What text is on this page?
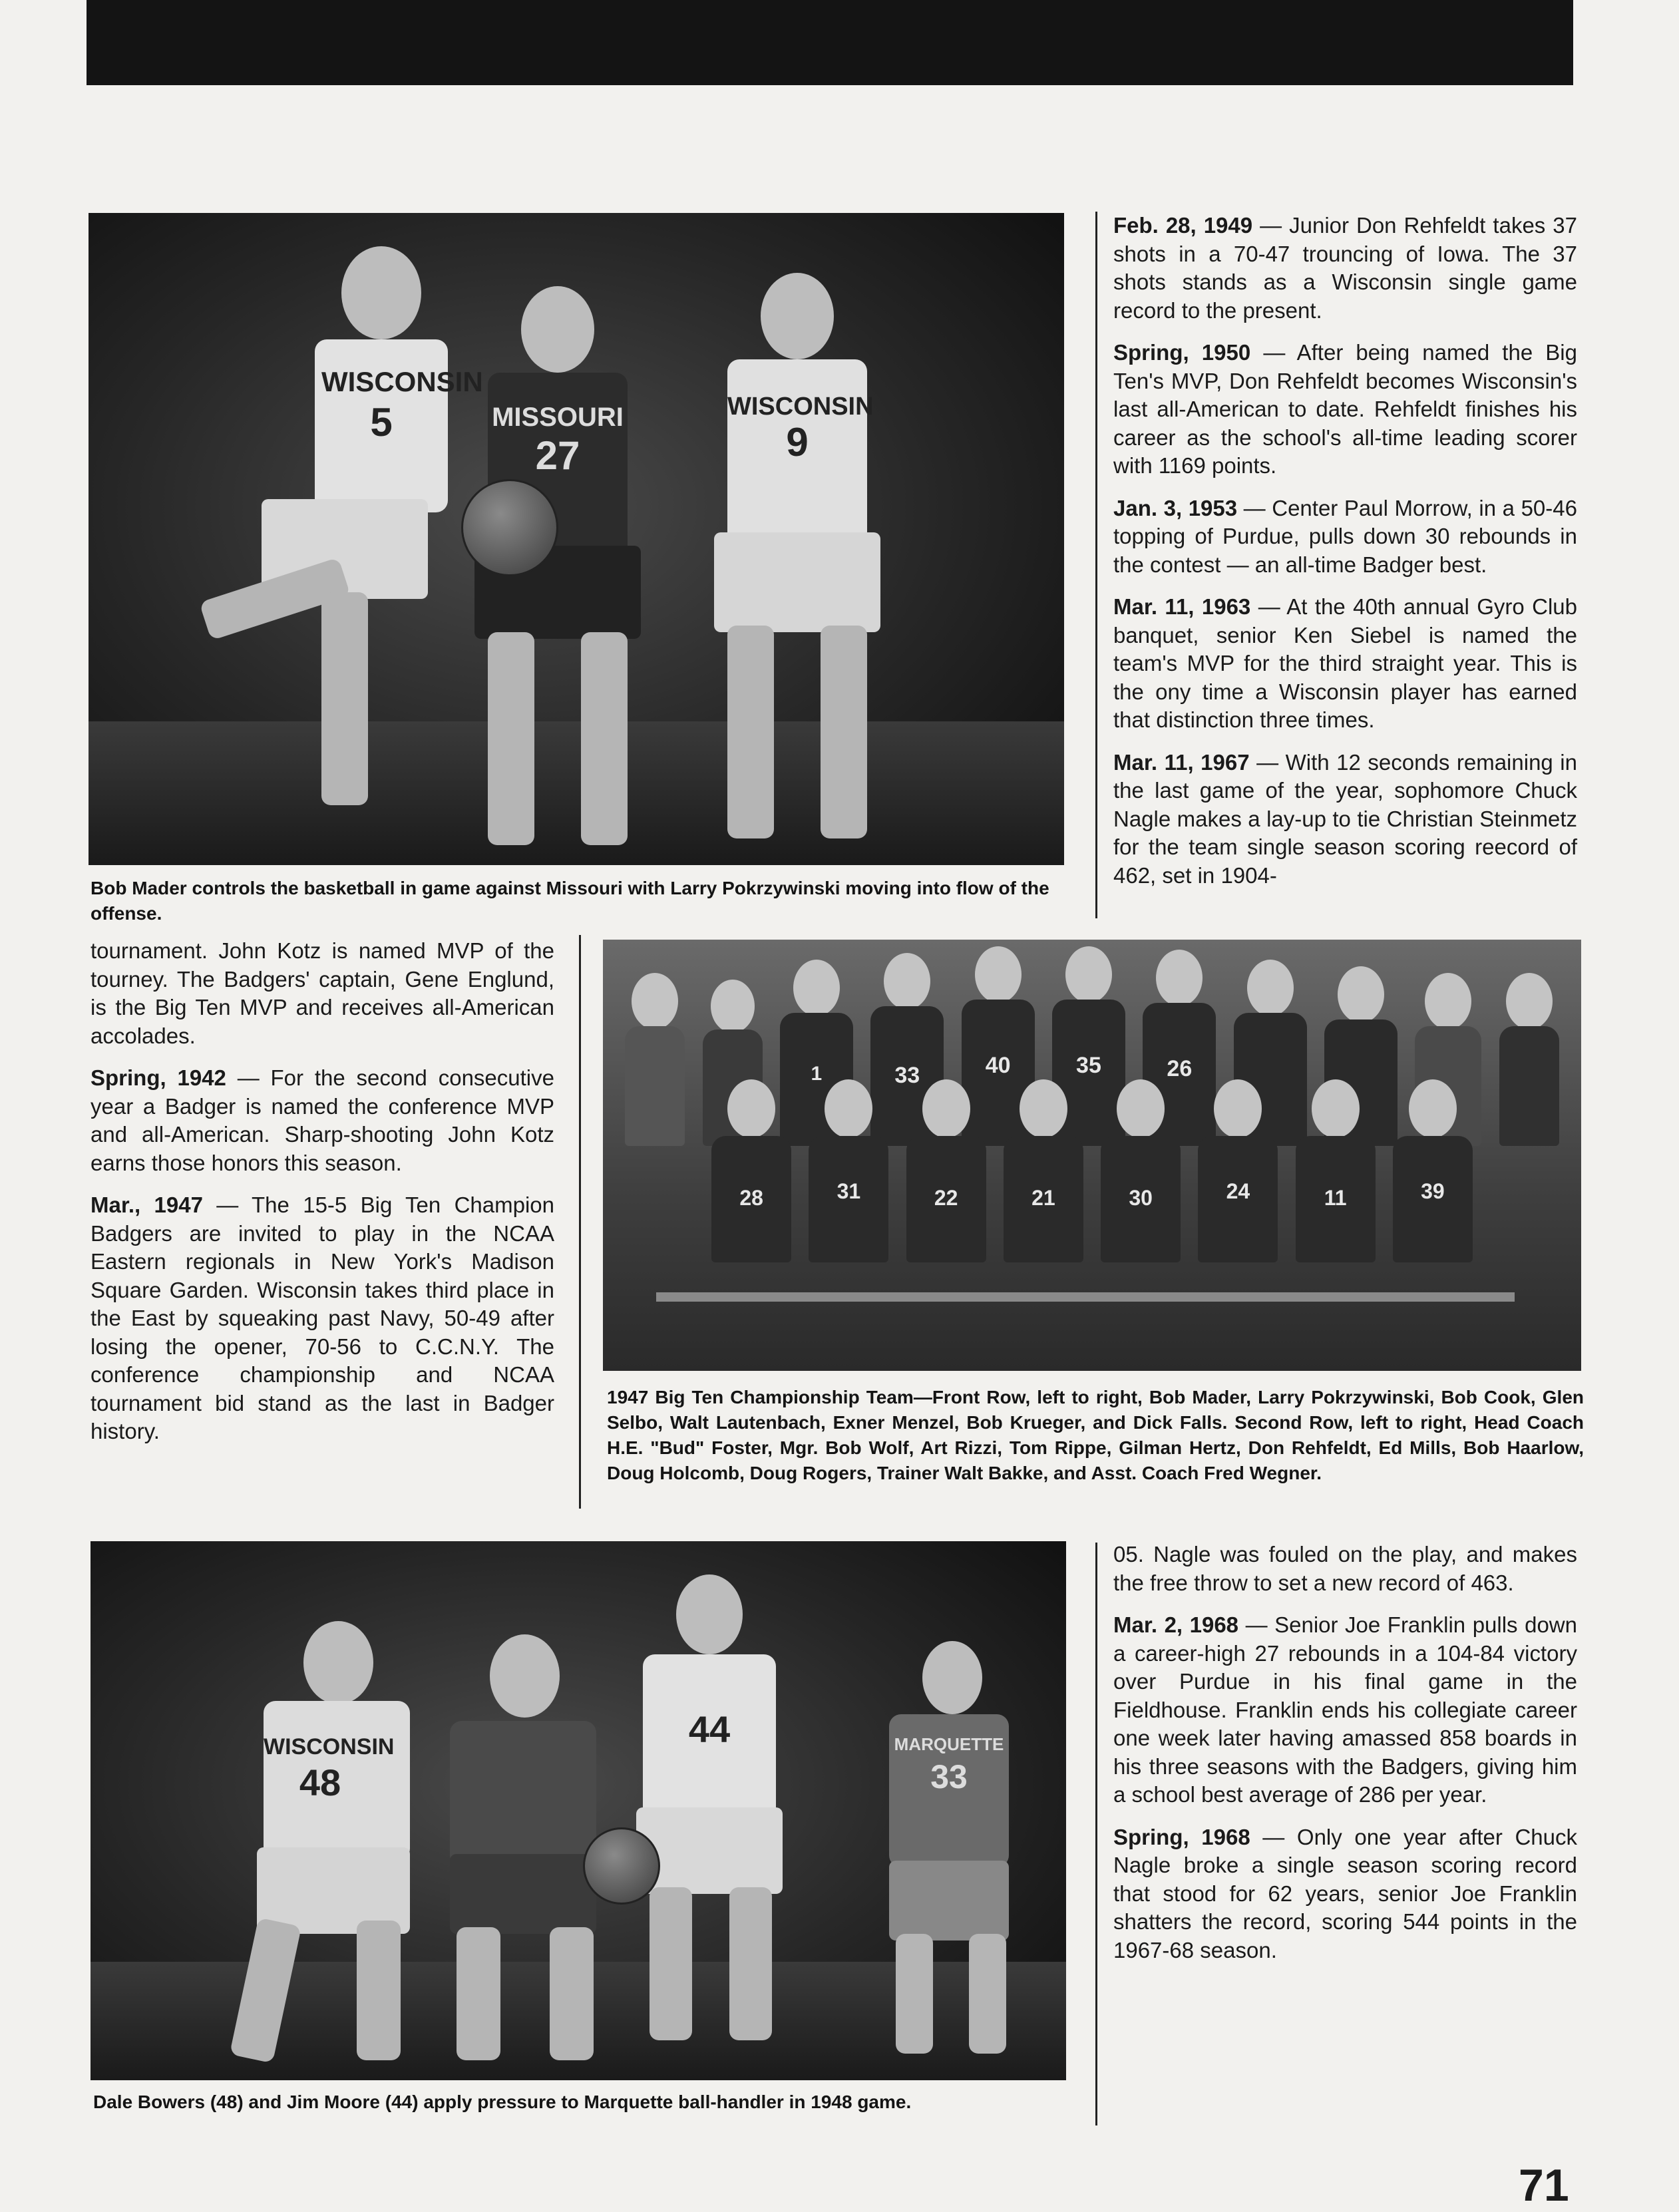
WISCONSIN
5	MISSOURI
27
WISCONSIN
9
Bob Mader controls the basketball in game against Missouri with Larry Pokrzywinski moving into flow of the offense.

Feb. 28, 1949 — Junior Don Rehfeldt takes 37 shots in a 70-47 trouncing of Iowa. The 37 shots stands as a Wisconsin single game record to the present.

Spring, 1950 — After being named the Big Ten's MVP, Don Rehfeldt becomes Wisconsin's last all-American to date. Rehfeldt finishes his career as the school's all-time leading scorer with 1169 points.

Jan. 3, 1953 — Center Paul Morrow, in a 50-46 topping of Purdue, pulls down 30 rebounds in the contest — an all-time Badger best.

Mar. 11, 1963 — At the 40th annual Gyro Club banquet, senior Ken Siebel is named the team's MVP for the third straight year. This is the ony time a Wisconsin player has earned that distinction three times.

Mar. 11, 1967 — With 12 seconds remaining in the last game of the year, sophomore Chuck Nagle makes a lay-up to tie Christian Steinmetz for the team single season scoring reecord of 462, set in 1904-

tournament. John Kotz is named MVP of the tourney. The Badgers' captain, Gene Englund, is the Big Ten MVP and receives all-American accolades.

Spring, 1942 — For the second consecutive year a Badger is named the conference MVP and all-American. Sharp-shooting John Kotz earns those honors this season.

Mar., 1947 — The 15-5 Big Ten Champion Badgers are invited to play in the NCAA Eastern regionals in New York's Madison Square Garden. Wisconsin takes third place in the East by squeaking past Navy, 50-49 after losing the opener, 70-56 to C.C.N.Y. The conference championship and NCAA tournament bid stand as the last in Badger history.

1	33	40	35	26
28	31	22	21	30	24	11	39
1947 Big Ten Championship Team—Front Row, left to right, Bob Mader, Larry Pokrzywinski, Bob Cook, Glen Selbo, Walt Lautenbach, Exner Menzel, Bob Krueger, and Dick Falls. Second Row, left to right, Head Coach H.E. "Bud" Foster, Mgr. Bob Wolf, Art Rizzi, Tom Rippe, Gilman Hertz, Don Rehfeldt, Ed Mills, Bob Haarlow, Doug Holcomb, Doug Rogers, Trainer Walt Bakke, and Asst. Coach Fred Wegner.
WISCONSIN
48
44	MARQUETTE
33
Dale Bowers (48) and Jim Moore (44) apply pressure to Marquette ball-handler in 1948 game.

05. Nagle was fouled on the play, and makes the free throw to set a new record of 463.

Mar. 2, 1968 — Senior Joe Franklin pulls down a career-high 27 rebounds in a 104-84 victory over Purdue in his final game in the Fieldhouse. Franklin ends his collegiate career one week later having amassed 858 boards in his three seasons with the Badgers, giving him a school best average of 286 per year.

Spring, 1968 — Only one year after Chuck Nagle broke a single season scoring record that stood for 62 years, senior Joe Franklin shatters the record, scoring 544 points in the 1967-68 season.

71
